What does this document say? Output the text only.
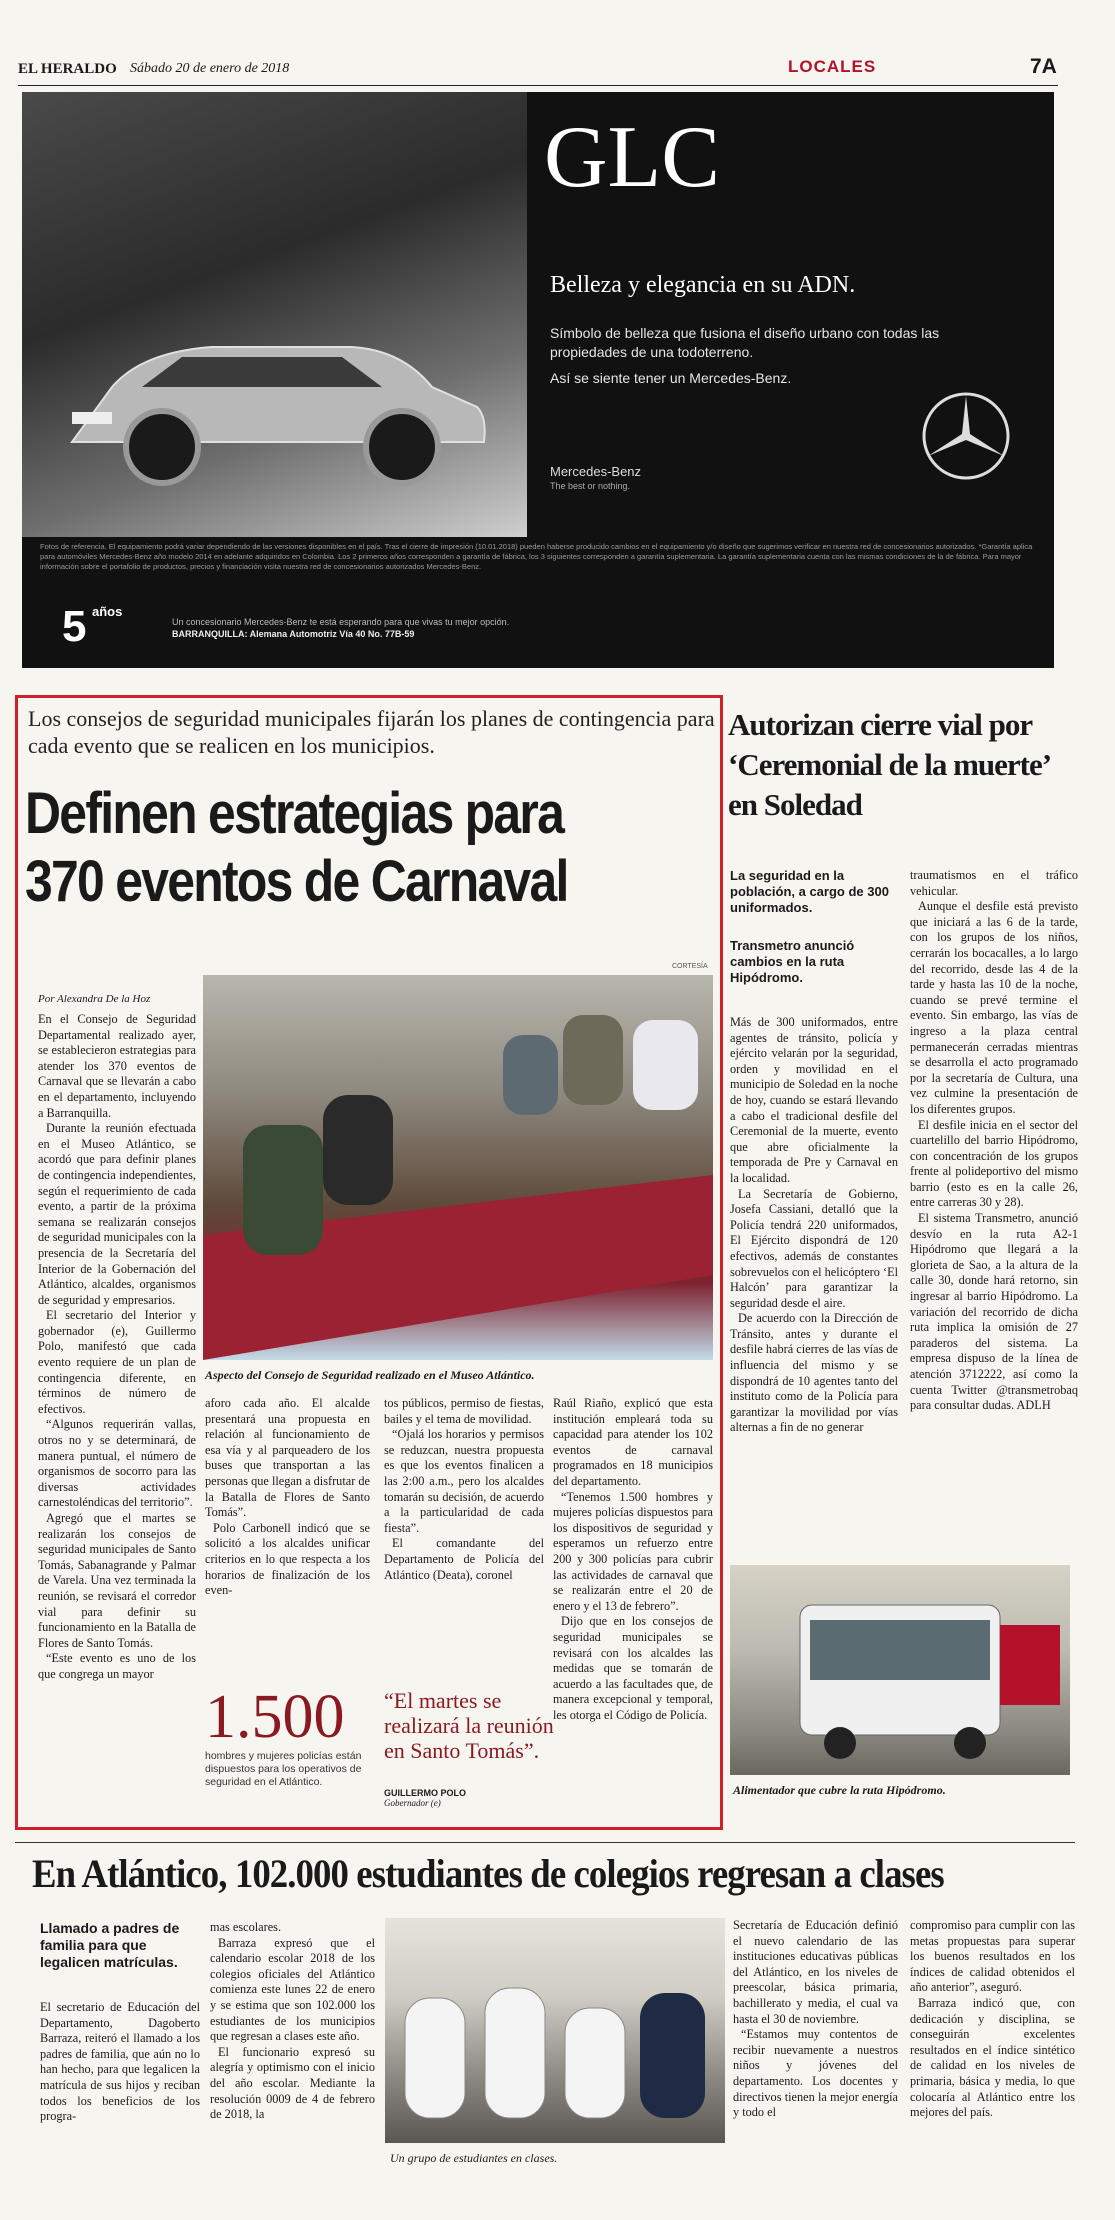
EL HERALDO Sábado 20 de enero de 2018	LOCALES	7A
GLC
Belleza y elegancia en su ADN.
Símbolo de belleza que fusiona el diseño urbano con todas las propiedades de una todoterreno.
Así se siente tener un Mercedes-Benz.
Mercedes-Benz
The best or nothing.
Fotos de referencia. El equipamiento podrá variar dependiendo de las versiones disponibles en el país. Tras el cierre de impresión (10.01.2018) pueden haberse producido cambios en el equipamiento y/o diseño que sugerimos verificar en nuestra red de concesionarios autorizados. *Garantía aplica para automóviles Mercedes-Benz año modelo 2014 en adelante adquiridos en Colombia. Los 2 primeros años corresponden a garantía de fábrica, los 3 siguientes corresponden a garantía suplementaria. La garantía suplementaria cuenta con las mismas condiciones de la de fábrica. Para mayor información sobre el portafolio de productos, precios y financiación visita nuestra red de concesionarios autorizados Mercedes-Benz.
5 años
Un concesionario Mercedes-Benz te está esperando para que vivas tu mejor opción.
BARRANQUILLA: Alemana Automotriz Vía 40 No. 77B-59
Los consejos de seguridad municipales fijarán los planes de contingencia para cada evento que se realicen en los municipios.
Definen estrategias para
370 eventos de Carnaval
Por Alexandra De la Hoz
CORTESÍA
Aspecto del Consejo de Seguridad realizado en el Museo Atlántico.

En el Consejo de Seguridad Departamental realizado ayer, se establecieron estrategias para atender los 370 eventos de Carnaval que se llevarán a cabo en el departamento, incluyendo a Barranquilla.

Durante la reunión efectuada en el Museo Atlántico, se acordó que para definir planes de contingencia independientes, según el requerimiento de cada evento, a partir de la próxima semana se realizarán consejos de seguridad municipales con la presencia de la Secretaría del Interior de la Gobernación del Atlántico, alcaldes, organismos de seguridad y empresarios.

El secretario del Interior y gobernador (e), Guillermo Polo, manifestó que cada evento requiere de un plan de contingencia diferente, en términos de número de efectivos.

“Algunos requerirán vallas, otros no y se determinará, de manera puntual, el número de organismos de socorro para las diversas actividades carnestoléndicas del territorio”.

Agregó que el martes se realizarán los consejos de seguridad municipales de Santo Tomás, Sabanagrande y Palmar de Varela. Una vez terminada la reunión, se revisará el corredor vial para definir su funcionamiento en la Batalla de Flores de Santo Tomás.

“Este evento es uno de los que congrega un mayor

aforo cada año. El alcalde presentará una propuesta en relación al funcionamiento de esa vía y al parqueadero de los buses que transportan a las personas que llegan a disfrutar de la Batalla de Flores de Santo Tomás”.

Polo Carbonell indicó que se solicitó a los alcaldes unificar criterios en lo que respecta a los horarios de finalización de los even-

tos públicos, permiso de fiestas, bailes y el tema de movilidad.

“Ojalá los horarios y permisos se reduzcan, nuestra propuesta es que los eventos finalicen a las 2:00 a.m., pero los alcaldes tomarán su decisión, de acuerdo a la particularidad de cada fiesta”.

El comandante del Departamento de Policía del Atlántico (Deata), coronel

Raúl Riaño, explicó que esta institución empleará toda su capacidad para atender los 102 eventos de carnaval programados en 18 municipios del departamento.

“Tenemos 1.500 hombres y mujeres policías dispuestos para los dispositivos de seguridad y esperamos un refuerzo entre 200 y 300 policías para cubrir las actividades de carnaval que se realizarán entre el 20 de enero y el 13 de febrero”.

Dijo que en los consejos de seguridad municipales se revisará con los alcaldes las medidas que se tomarán de acuerdo a las facultades que, de manera excepcional y temporal, les otorga el Código de Policía.

1.500
hombres y mujeres policías están dispuestos para los operativos de seguridad en el Atlántico.
“El martes se realizará la reunión en Santo Tomás”.
GUILLERMO POLO
Gobernador (e)
Autorizan cierre vial por ‘Ceremonial de la muerte’ en Soledad
La seguridad en la población, a cargo de 300 uniformados.
Transmetro anunció cambios en la ruta Hipódromo.

Más de 300 uniformados, entre agentes de tránsito, policía y ejército velarán por la seguridad, orden y movilidad en el municipio de Soledad en la noche de hoy, cuando se estará llevando a cabo el tradicional desfile del Ceremonial de la muerte, evento que abre oficialmente la temporada de Pre y Carnaval en la localidad.

La Secretaría de Gobierno, Josefa Cassiani, detalló que la Policía tendrá 220 uniformados, El Ejército dispondrá de 120 efectivos, además de constantes sobrevuelos con el helicóptero ‘El Halcón’ para garantizar la seguridad desde el aire.

De acuerdo con la Dirección de Tránsito, antes y durante el desfile habrá cierres de las vías de influencia del mismo y se dispondrá de 10 agentes tanto del instituto como de la Policía para garantizar la movilidad por vías alternas a fin de no generar

traumatismos en el tráfico vehicular.

Aunque el desfile está previsto que iniciará a las 6 de la tarde, con los grupos de los niños, cerrarán los bocacalles, a lo largo del recorrido, desde las 4 de la tarde y hasta las 10 de la noche, cuando se prevé termine el evento. Sin embargo, las vías de ingreso a la plaza central permanecerán cerradas mientras se desarrolla el acto programado por la secretaría de Cultura, una vez culmine la presentación de los diferentes grupos.

El desfile inicia en el sector del cuartelillo del barrio Hipódromo, con concentración de los grupos frente al polideportivo del mismo barrio (esto es en la calle 26, entre carreras 30 y 28).

El sistema Transmetro, anunció desvío en la ruta A2-1 Hipódromo que llegará a la glorieta de Sao, a la altura de la calle 30, donde hará retorno, sin ingresar al barrio Hipódromo. La variación del recorrido de dicha ruta implica la omisión de 27 paraderos del sistema. La empresa dispuso de la línea de atención 3712222, así como la cuenta Twitter @transmetrobaq para consultar dudas. ADLH

Alimentador que cubre la ruta Hipódromo.
En Atlántico, 102.000 estudiantes de colegios regresan a clases
Llamado a padres de familia para que legalicen matrículas.

El secretario de Educación del Departamento, Dagoberto Barraza, reiteró el llamado a los padres de familia, que aún no lo han hecho, para que legalicen la matrícula de sus hijos y reciban todos los beneficios de los progra-

mas escolares.

Barraza expresó que el calendario escolar 2018 de los colegios oficiales del Atlántico comienza este lunes 22 de enero y se estima que son 102.000 los estudiantes de los municipios que regresan a clases este año.

El funcionario expresó su alegría y optimismo con el inicio del año escolar. Mediante la resolución 0009 de 4 de febrero de 2018, la

Un grupo de estudiantes en clases.

Secretaría de Educación definió el nuevo calendario de las instituciones educativas públicas del Atlántico, en los niveles de preescolar, básica primaria, bachillerato y media, el cual va hasta el 30 de noviembre.

“Estamos muy contentos de recibir nuevamente a nuestros niños y jóvenes del departamento. Los docentes y directivos tienen la mejor energía y todo el

compromiso para cumplir con las metas propuestas para superar los buenos resultados en los índices de calidad obtenidos el año anterior”, aseguró.

Barraza indicó que, con dedicación y disciplina, se conseguirán excelentes resultados en el índice sintético de calidad en los niveles de primaria, básica y media, lo que colocaría al Atlántico entre los mejores del país.
